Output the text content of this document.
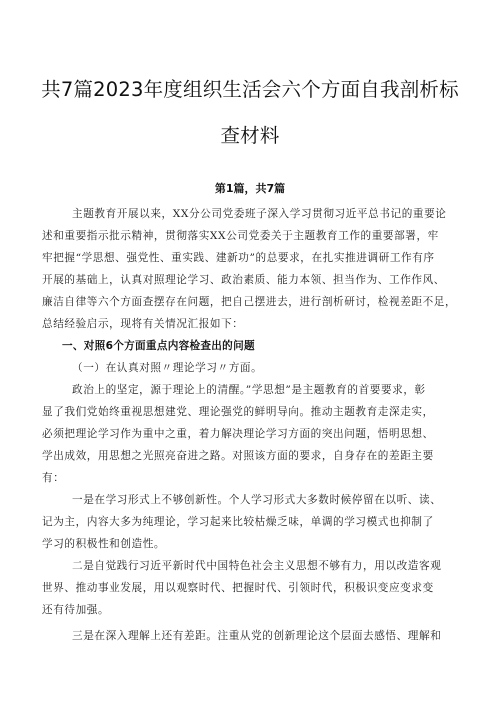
共7篇2023年度组织生活会六个方面自我剖析标
查材料
第1篇，共7篇
主题教育开展以来，XX分公司党委班子深入学习贯彻习近平总书记的重要论
述和重要指示批示精神，贯彻落实XX公司党委关于主题教育工作的重要部署，牢
牢把握“学思想、强党性、重实践、建新功”的总要求，在扎实推进调研工作有序
开展的基础上，认真对照理论学习、政治素质、能力本领、担当作为、工作作风、
廉洁自律等六个方面查摆存在问题，把自己摆进去，进行剖析研讨，检视差距不足，
总结经验启示，现将有关情况汇报如下：
一、对照6个方面重点内容检查出的问题
（一）在认真对照〃理论学习〃方面。
政治上的坚定，源于理论上的清醒。”学思想”是主题教育的首要要求，彰
显了我们党始终重视思想建党、理论强党的鲜明导向。推动主题教育走深走实，
必须把理论学习作为重中之重，着力解决理论学习方面的突出问题，悟明思想、
学出成效，用思想之光照亮奋进之路。对照该方面的要求，自身存在的差距主要
有：
一是在学习形式上不够创新性。个人学习形式大多数时候停留在以听、读、
记为主，内容大多为纯理论，学习起来比较枯燥乏味，单调的学习模式也抑制了
学习的积极性和创造性。
二是自觉践行习近平新时代中国特色社会主义思想不够有力，用以改造客观
世界、推动事业发展，用以观察时代、把握时代、引领时代，积极识变应变求变
还有待加强。
三是在深入理解上还有差距。注重从党的创新理论这个层面去感悟、理解和
